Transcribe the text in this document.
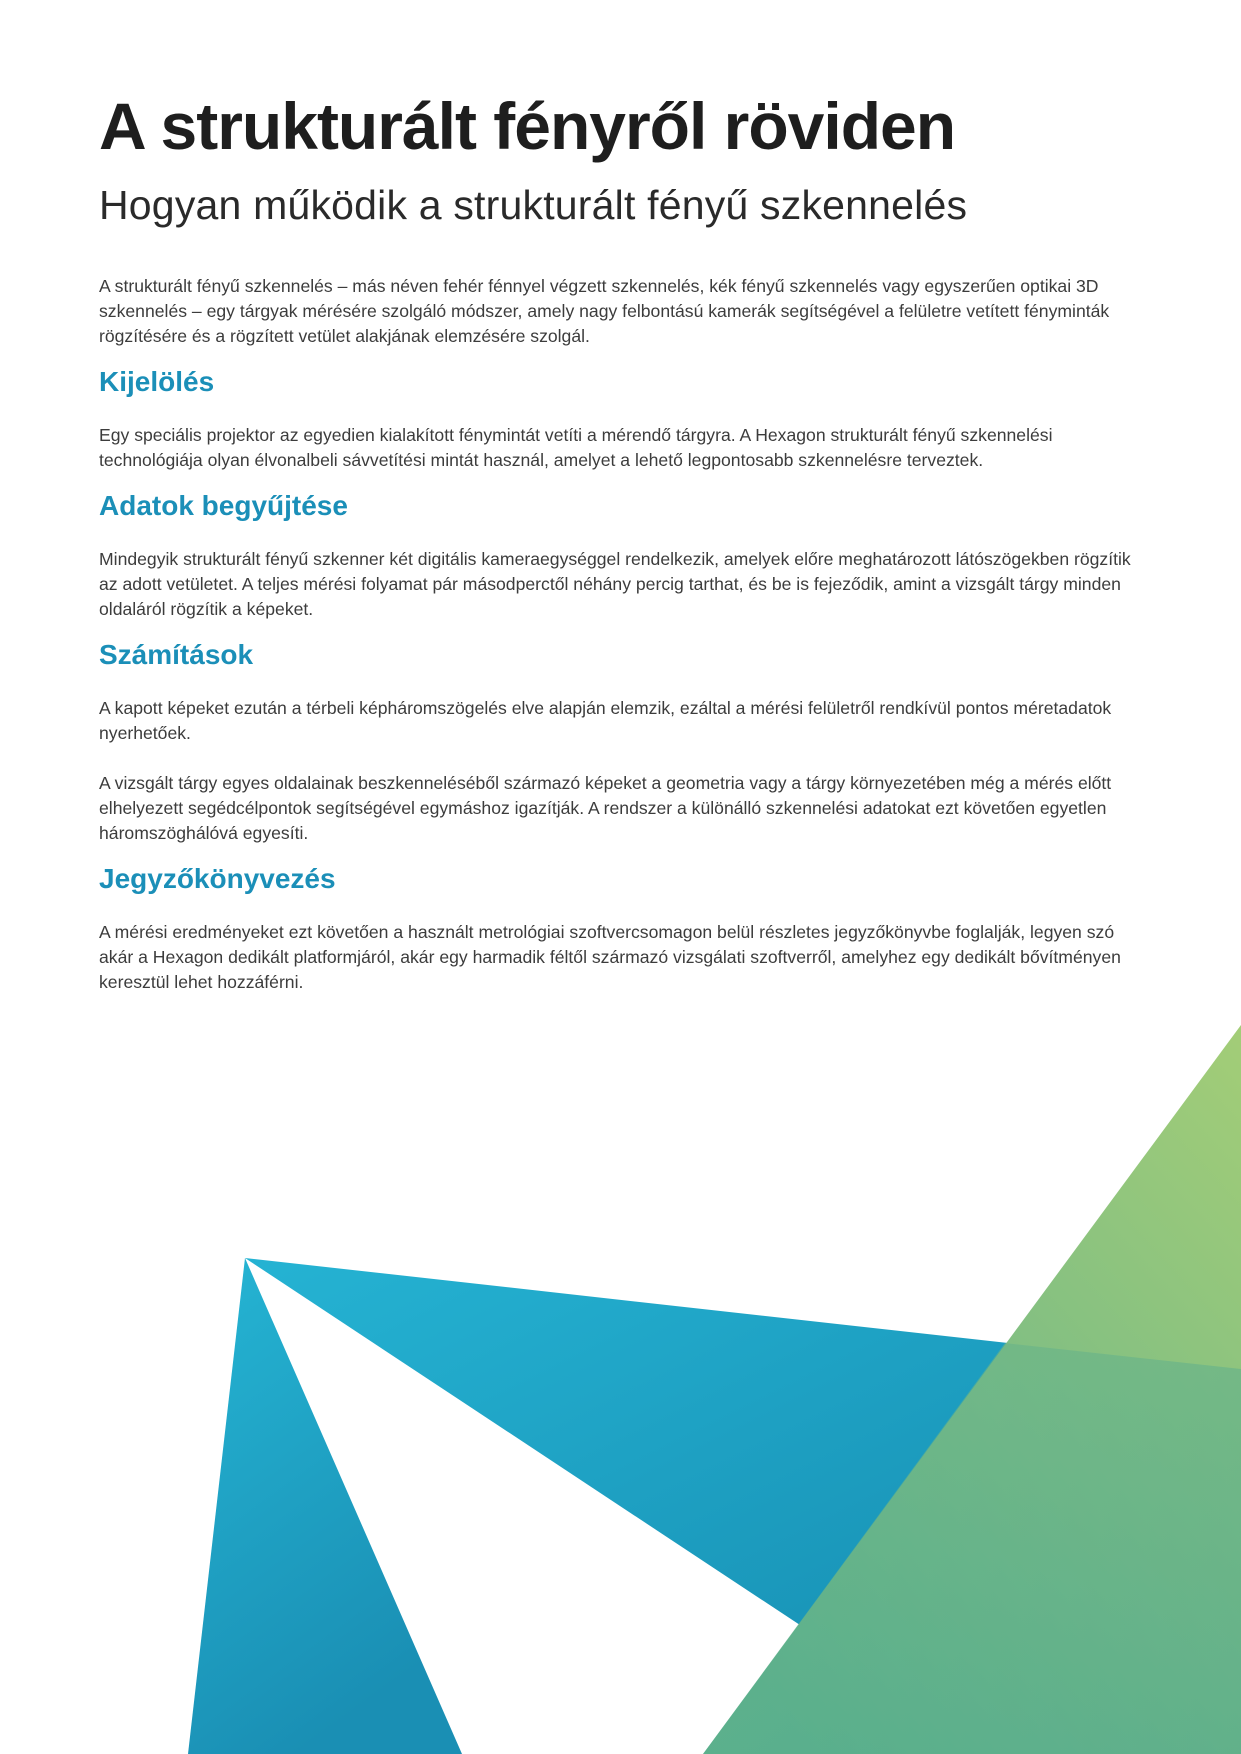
A strukturált fényről röviden
Hogyan működik a strukturált fényű szkennelés

A strukturált fényű szkennelés – más néven fehér fénnyel végzett szkennelés, kék fényű szkennelés vagy egyszerűen optikai 3D szkennelés – egy tárgyak mérésére szolgáló módszer, amely nagy felbontású kamerák segítségével a felületre vetített fényminták rögzítésére és a rögzített vetület alakjának elemzésére szolgál.

Kijelölés

Egy speciális projektor az egyedien kialakított fénymintát vetíti a mérendő tárgyra. A Hexagon strukturált fényű szkennelési technológiája olyan élvonalbeli sávvetítési mintát használ, amelyet a lehető legpontosabb szkennelésre terveztek.

Adatok begyűjtése

Mindegyik strukturált fényű szkenner két digitális kameraegységgel rendelkezik, amelyek előre meghatározott látószögekben rögzítik az adott vetületet. A teljes mérési folyamat pár másodperctől néhány percig tarthat, és be is fejeződik, amint a vizsgált tárgy minden oldaláról rögzítik a képeket.

Számítások

A kapott képeket ezután a térbeli képháromszögelés elve alapján elemzik, ezáltal a mérési felületről rendkívül pontos méretadatok nyerhetőek.

A vizsgált tárgy egyes oldalainak beszkenneléséből származó képeket a geometria vagy a tárgy környezetében még a mérés előtt elhelyezett segédcélpontok segítségével egymáshoz igazítják. A rendszer a különálló szkennelési adatokat ezt követően egyetlen háromszöghálóvá egyesíti.

Jegyzőkönyvezés

A mérési eredményeket ezt követően a használt metrológiai szoftvercsomagon belül részletes jegyzőkönyvbe foglalják, legyen szó akár a Hexagon dedikált platformjáról, akár egy harmadik féltől származó vizsgálati szoftverről, amelyhez egy dedikált bővítményen keresztül lehet hozzáférni.
